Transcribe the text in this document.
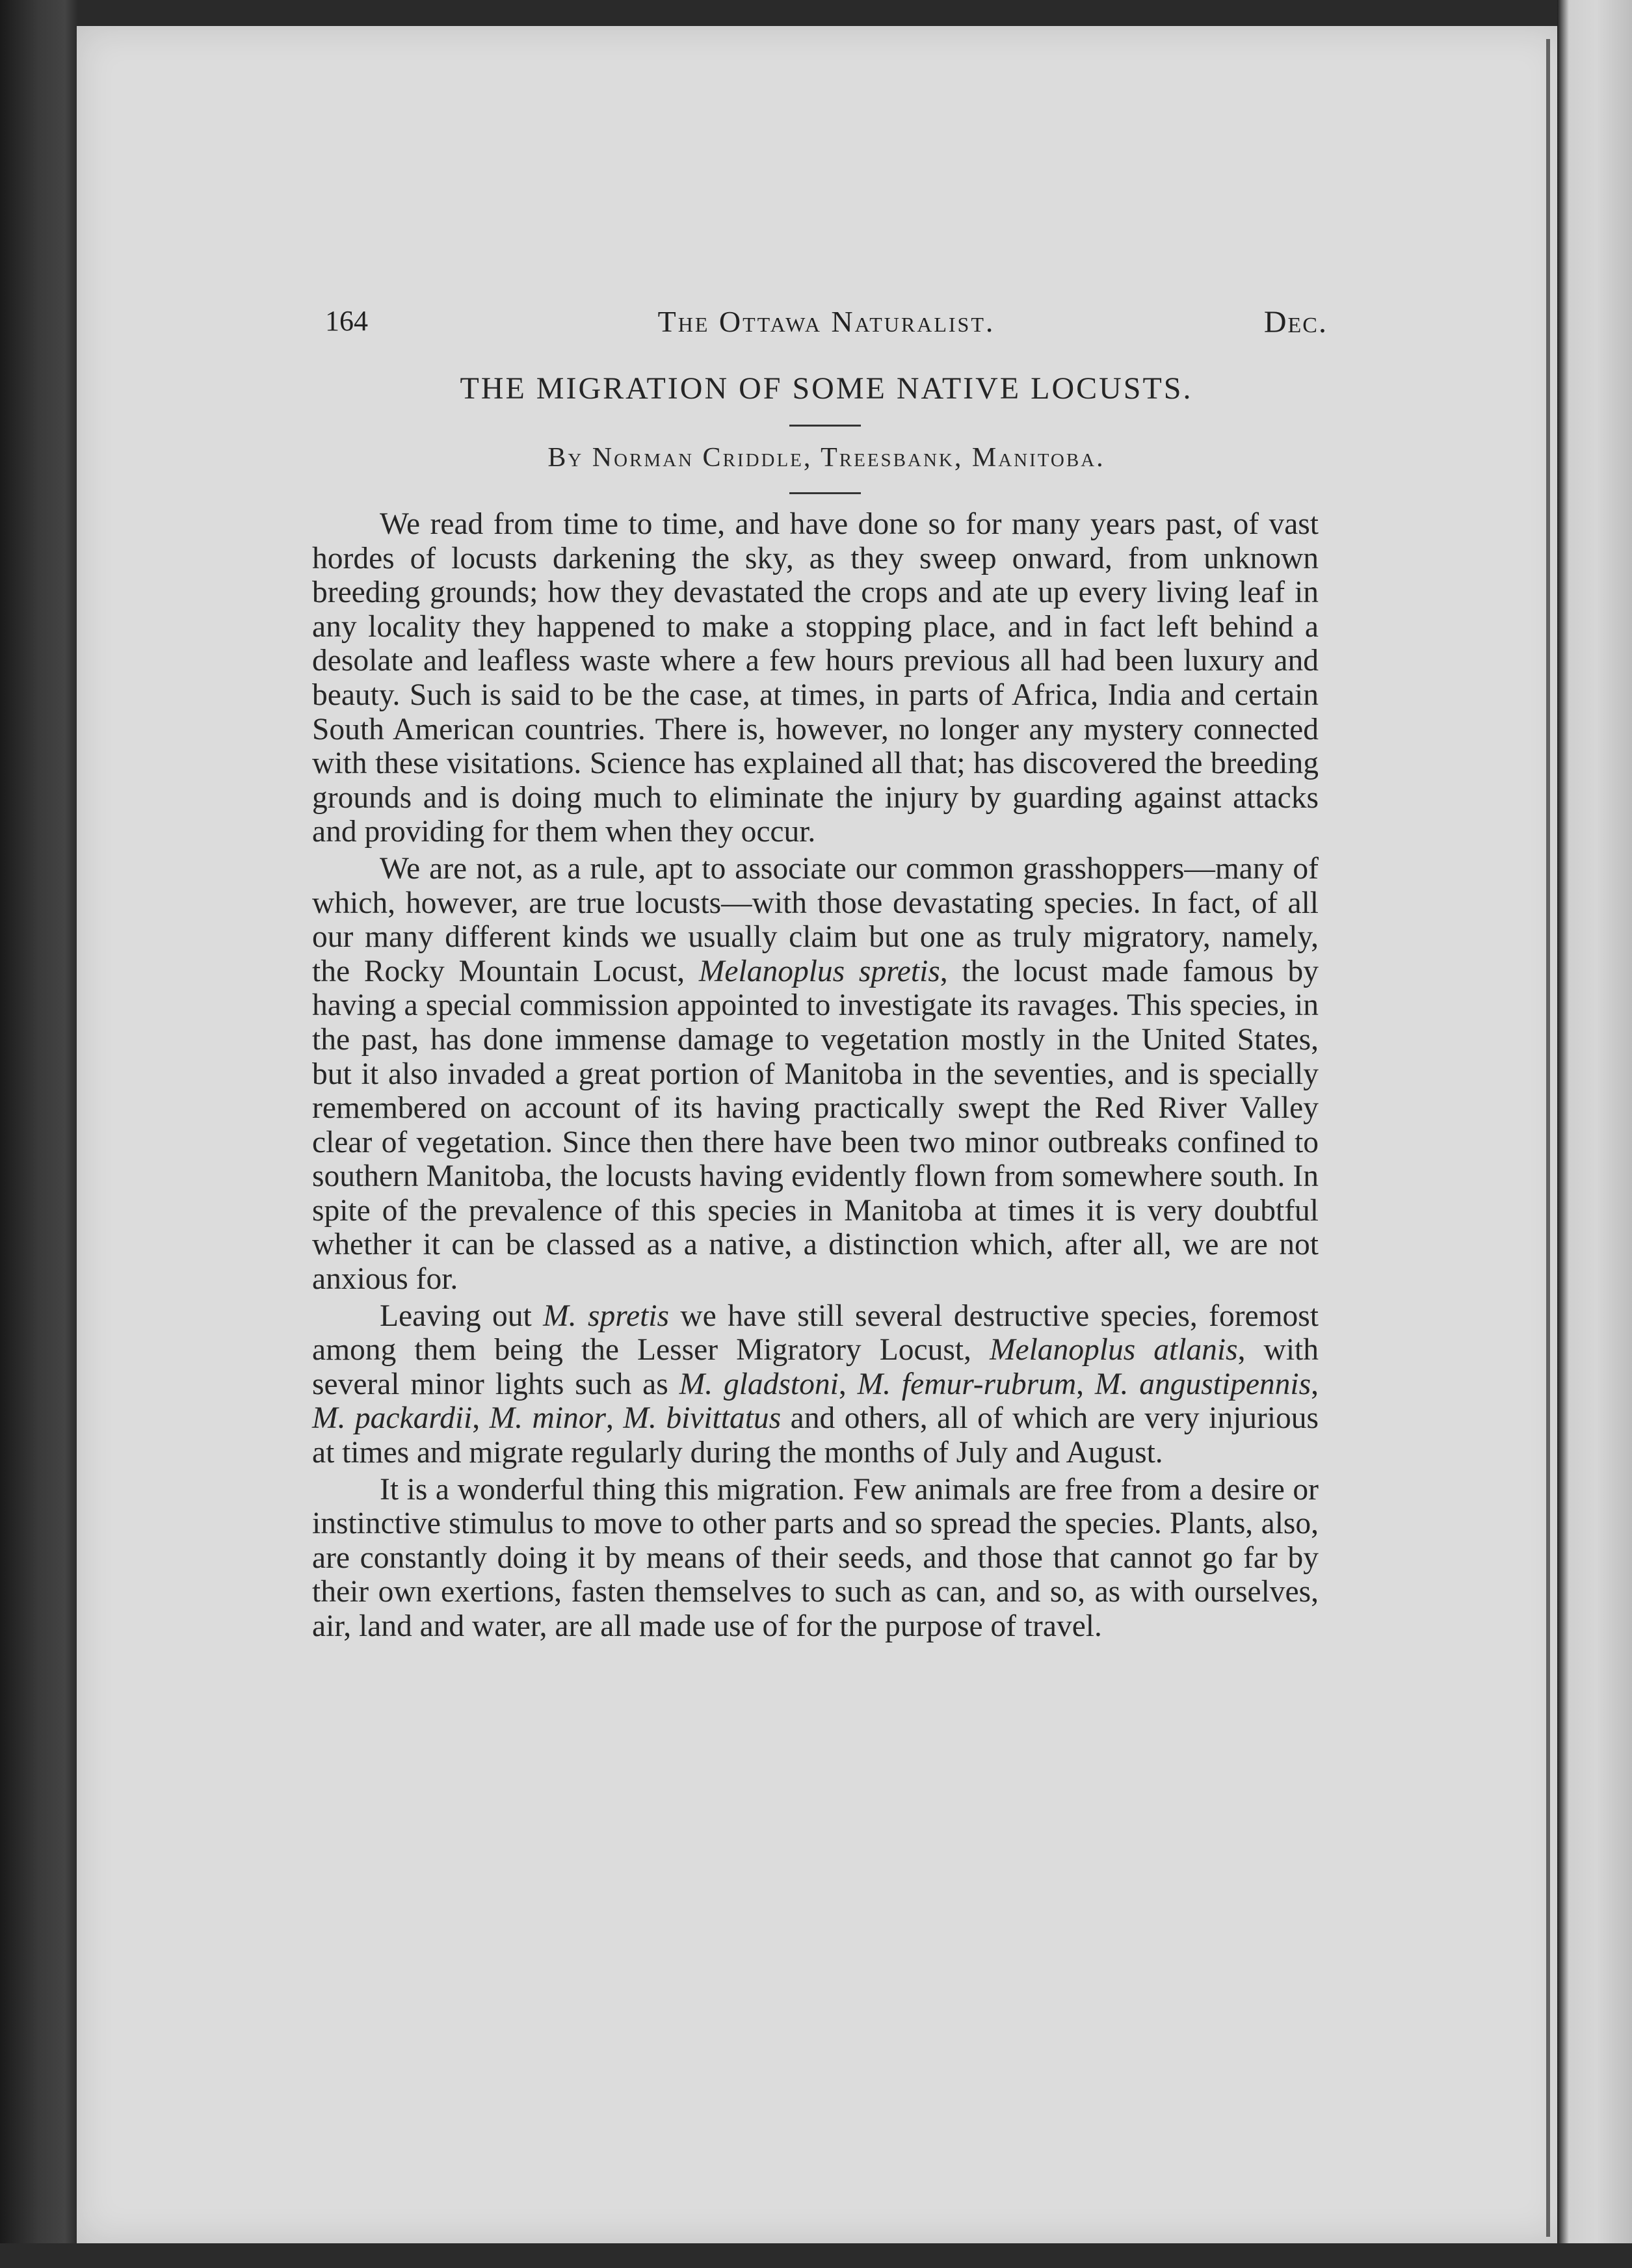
164	The Ottawa Naturalist.	Dec.
THE MIGRATION OF SOME NATIVE LOCUSTS.
By Norman Criddle, Treesbank, Manitoba.

We read from time to time, and have done so for many years past, of vast hordes of locusts darkening the sky, as they sweep onward, from unknown breeding grounds; how they devastated the crops and ate up every living leaf in any locality they happened to make a stopping place, and in fact left behind a desolate and leafless waste where a few hours previous all had been luxury and beauty. Such is said to be the case, at times, in parts of Africa, India and certain South American countries. There is, however, no longer any mystery connected with these visitations. Science has explained all that; has discovered the breeding grounds and is doing much to eliminate the injury by guarding against attacks and providing for them when they occur.

We are not, as a rule, apt to associate our common grasshoppers—many of which, however, are true locusts—with those devastating species. In fact, of all our many different kinds we usually claim but one as truly migratory, namely, the Rocky Mountain Locust, Melanoplus spretis, the locust made famous by having a special commission appointed to investigate its ravages. This species, in the past, has done immense damage to vegetation mostly in the United States, but it also invaded a great portion of Manitoba in the seventies, and is specially remembered on account of its having practically swept the Red River Valley clear of vegetation. Since then there have been two minor outbreaks confined to southern Manitoba, the locusts having evidently flown from somewhere south. In spite of the prevalence of this species in Manitoba at times it is very doubtful whether it can be classed as a native, a distinction which, after all, we are not anxious for.

Leaving out M. spretis we have still several destructive species, foremost among them being the Lesser Migratory Locust, Melanoplus atlanis, with several minor lights such as M. gladstoni, M. femur-rubrum, M. angustipennis, M. packardii, M. minor, M. bivittatus and others, all of which are very injurious at times and migrate regularly during the months of July and August.

It is a wonderful thing this migration. Few animals are free from a desire or instinctive stimulus to move to other parts and so spread the species. Plants, also, are constantly doing it by means of their seeds, and those that cannot go far by their own exertions, fasten themselves to such as can, and so, as with ourselves, air, land and water, are all made use of for the purpose of travel.
